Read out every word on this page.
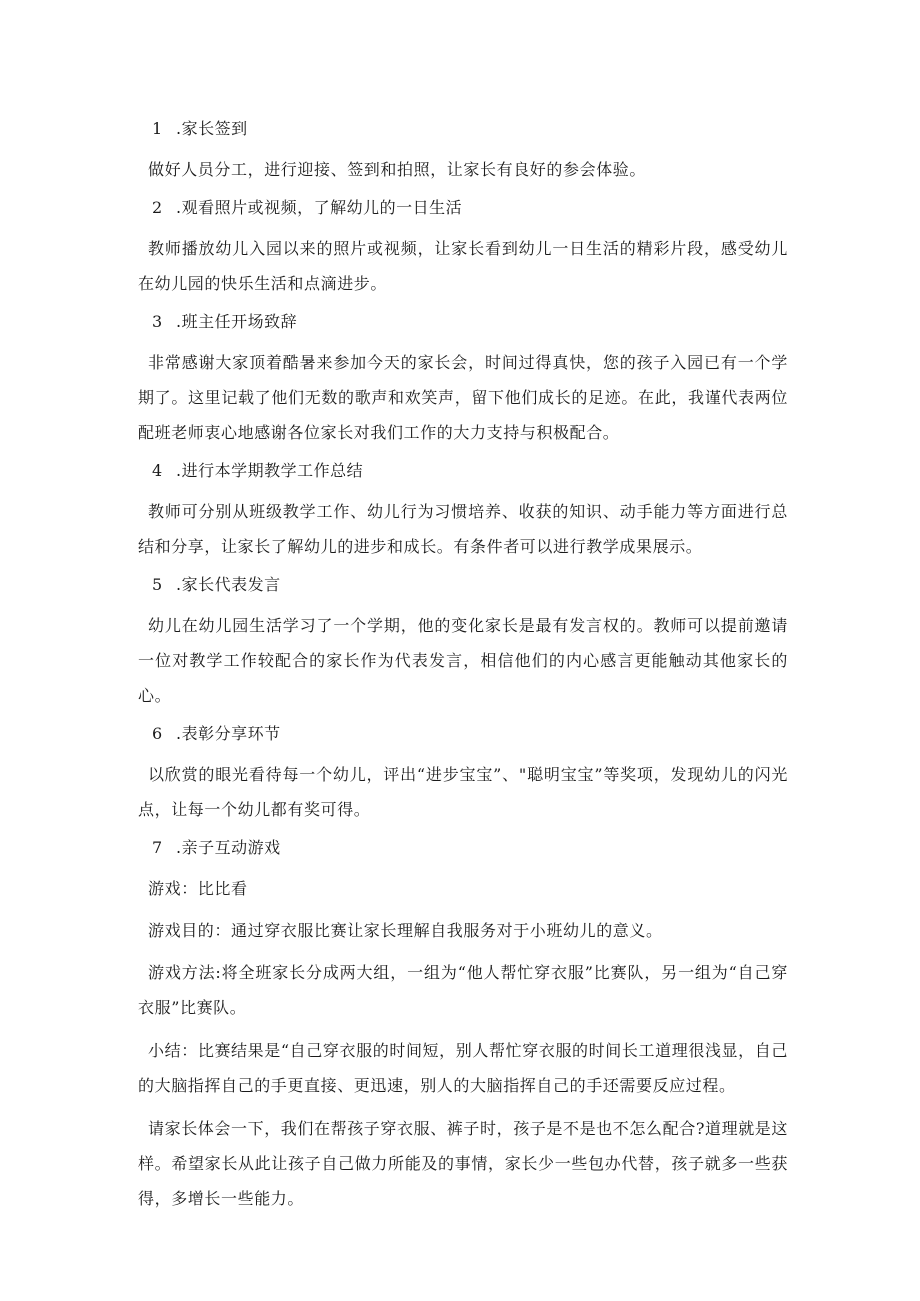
1 .家长签到

做好人员分工，进行迎接、签到和拍照，让家长有良好的参会体验。

2 .观看照片或视频，了解幼儿的一日生活

教师播放幼儿入园以来的照片或视频，让家长看到幼儿一日生活的精彩片段，感受幼儿在幼儿园的快乐生活和点滴进步。

3 .班主任开场致辞

非常感谢大家顶着酷暑来参加今天的家长会，时间过得真快，您的孩子入园已有一个学期了。这里记载了他们无数的歌声和欢笑声，留下他们成长的足迹。在此，我谨代表两位配班老师衷心地感谢各位家长对我们工作的大力支持与积极配合。

4 .进行本学期教学工作总结

教师可分别从班级教学工作、幼儿行为习惯培养、收获的知识、动手能力等方面进行总结和分享，让家长了解幼儿的进步和成长。有条件者可以进行教学成果展示。

5 .家长代表发言

幼儿在幼儿园生活学习了一个学期，他的变化家长是最有发言权的。教师可以提前邀请一位对教学工作较配合的家长作为代表发言，相信他们的内心感言更能触动其他家长的心。

6 .表彰分享环节

以欣赏的眼光看待每一个幼儿，评出“进步宝宝”、"聪明宝宝”等奖项，发现幼儿的闪光点，让每一个幼儿都有奖可得。

7 .亲子互动游戏

游戏：比比看

游戏目的：通过穿衣服比赛让家长理解自我服务对于小班幼儿的意义。

游戏方法:将全班家长分成两大组，一组为“他人帮忙穿衣服”比赛队，另一组为“自己穿衣服”比赛队。

小结：比赛结果是“自己穿衣服的时间短，别人帮忙穿衣服的时间长工道理很浅显，自己的大脑指挥自己的手更直接、更迅速，别人的大脑指挥自己的手还需要反应过程。

请家长体会一下，我们在帮孩子穿衣服、裤子时，孩子是不是也不怎么配合?道理就是这样。希望家长从此让孩子自己做力所能及的事情，家长少一些包办代替，孩子就多一些获得，多增长一些能力。
